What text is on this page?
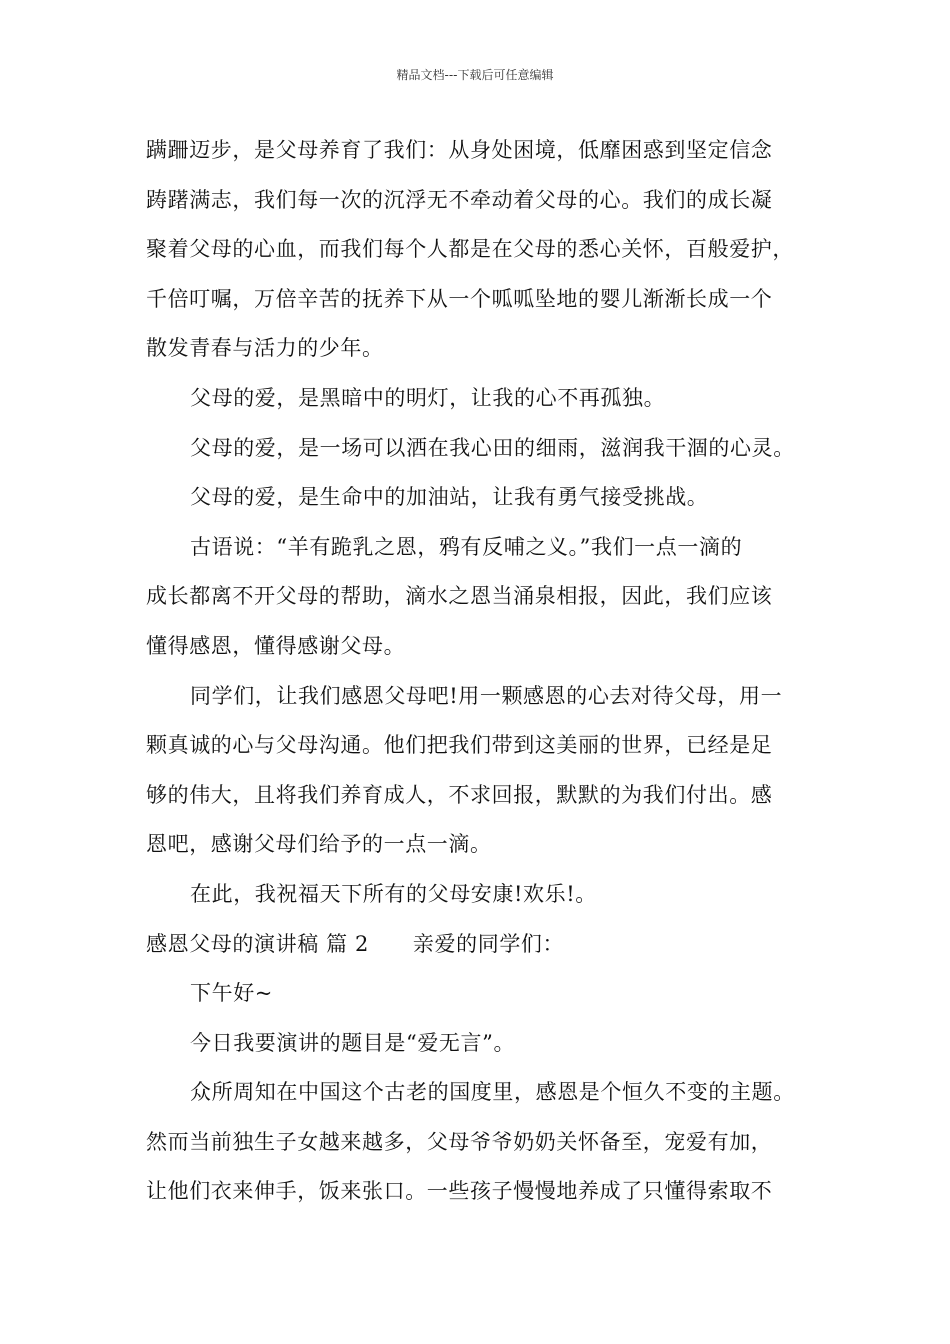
精品文档---下载后可任意编辑
蹒跚迈步，是父母养育了我们：从身处困境，低靡困惑到坚定信念
踌躇满志，我们每一次的沉浮无不牵动着父母的心。我们的成长凝
聚着父母的心血，而我们每个人都是在父母的悉心关怀，百般爱护，
千倍叮嘱，万倍辛苦的抚养下从一个呱呱坠地的婴儿渐渐长成一个
散发青春与活力的少年。
父母的爱，是黑暗中的明灯，让我的心不再孤独。
父母的爱，是一场可以洒在我心田的细雨，滋润我干涸的心灵。
父母的爱，是生命中的加油站，让我有勇气接受挑战。
古语说：“羊有跪乳之恩，鸦有反哺之义。”我们一点一滴的
成长都离不开父母的帮助，滴水之恩当涌泉相报，因此，我们应该
懂得感恩，懂得感谢父母。
同学们，让我们感恩父母吧!用一颗感恩的心去对待父母，用一
颗真诚的心与父母沟通。他们把我们带到这美丽的世界，已经是足
够的伟大，且将我们养育成人，不求回报，默默的为我们付出。感
恩吧，感谢父母们给予的一点一滴。
在此，我祝福天下所有的父母安康!欢乐!。
感恩父母的演讲稿 篇 2 亲爱的同学们：
下午好~
今日我要演讲的题目是“爱无言”。
众所周知在中国这个古老的国度里，感恩是个恒久不变的主题。
然而当前独生子女越来越多，父母爷爷奶奶关怀备至，宠爱有加，
让他们衣来伸手，饭来张口。一些孩子慢慢地养成了只懂得索取不
